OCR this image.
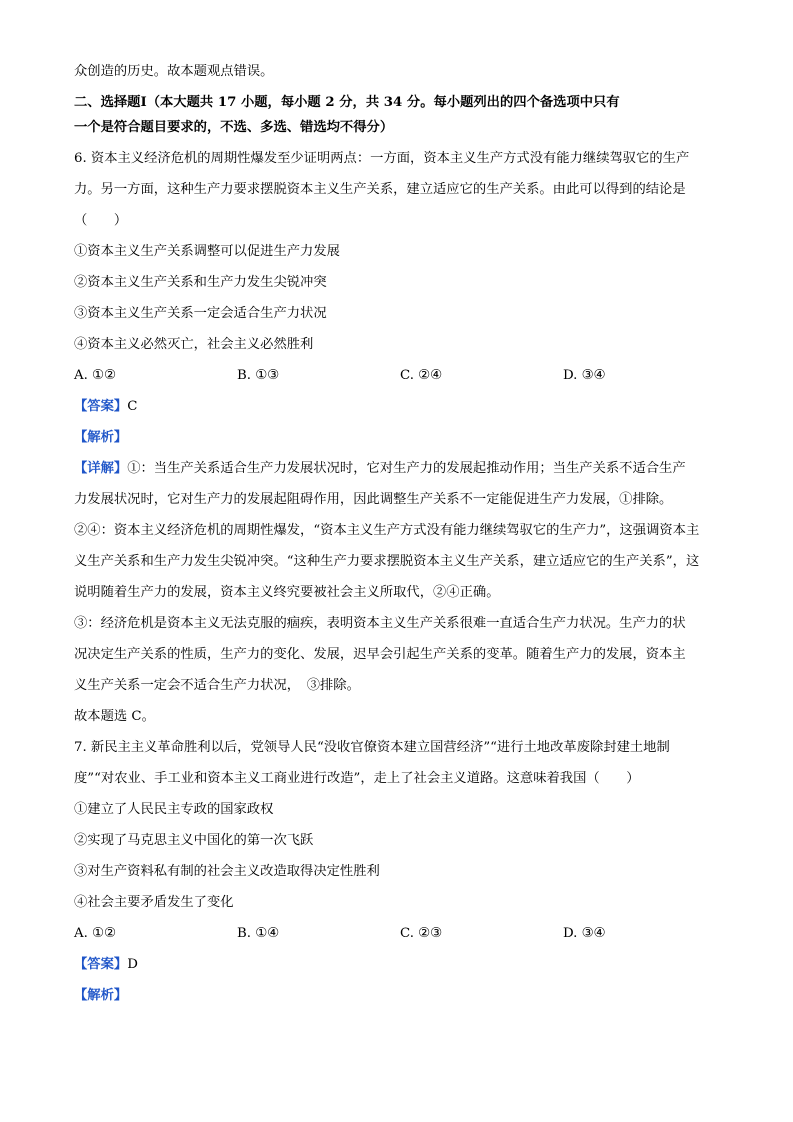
众创造的历史。故本题观点错误。
二、选择题Ⅰ（本大题共 17 小题，每小题 2 分，共 34 分。每小题列出的四个备选项中只有
一个是符合题目要求的，不选、多选、错选均不得分）
6. 资本主义经济危机的周期性爆发至少证明两点：一方面，资本主义生产方式没有能力继续驾驭它的生产
力。另一方面，这种生产力要求摆脱资本主义生产关系，建立适应它的生产关系。由此可以得到的结论是
（　　）
①资本主义生产关系调整可以促进生产力发展
②资本主义生产关系和生产力发生尖锐冲突
③资本主义生产关系一定会适合生产力状况
④资本主义必然灭亡，社会主义必然胜利
A. ①②	B. ①③	C. ②④	D. ③④
【答案】C
【解析】
【详解】①：当生产关系适合生产力发展状况时，它对生产力的发展起推动作用；当生产关系不适合生产
力发展状况时，它对生产力的发展起阻碍作用，因此调整生产关系不一定能促进生产力发展，①排除。
②④：资本主义经济危机的周期性爆发，“资本主义生产方式没有能力继续驾驭它的生产力”，这强调资本主
义生产关系和生产力发生尖锐冲突。“这种生产力要求摆脱资本主义生产关系，建立适应它的生产关系”，这
说明随着生产力的发展，资本主义终究要被社会主义所取代，②④正确。
③：经济危机是资本主义无法克服的痼疾，表明资本主义生产关系很难一直适合生产力状况。生产力的状
况决定生产关系的性质，生产力的变化、发展，迟早会引起生产关系的变革。随着生产力的发展，资本主
义生产关系一定会不适合生产力状况，　③排除。
故本题选 C。
7. 新民主主义革命胜利以后，党领导人民“没收官僚资本建立国营经济”“进行土地改革废除封建土地制
度”“对农业、手工业和资本主义工商业进行改造”，走上了社会主义道路。这意味着我国（　　）
①建立了人民民主专政的国家政权
②实现了马克思主义中国化的第一次飞跃
③对生产资料私有制的社会主义改造取得决定性胜利
④社会主要矛盾发生了变化
A. ①②	B. ①④	C. ②③	D. ③④
【答案】D
【解析】
